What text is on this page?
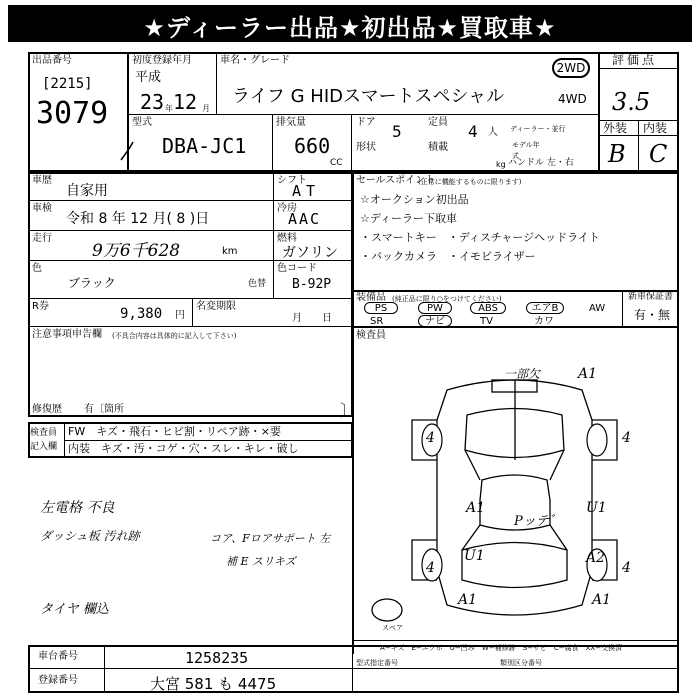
★ディーラー出品★初出品★買取車★
出品番号
[2215]
3079
初度登録年月
平成
23 12
年	月
車名・グレード
ライフ G HIDスマートスペシャル
2WD
4WD
評価点
3.5
外装 内装
B C
型式
DBA-JC1
排気量
660
CC
ドア 5	定員 4 人 ディーラー・並行
形状	積載	モデル年式
kg ハンドル 左・右
車歴
自家用
車検
令和 8 年 12 月( 8 )日
走行
9万6千628	km
色
ブラック	色替
シフト
AT
冷房
AAC
燃料
ガソリン
色コード
B-92P
R券	9,380 円
名変期限
月　　日
注意事項申告欄 (不具合内容は具体的に記入して下さい)
修復歴 有〔箇所	〕
セールスポイント
(正常に機能するものに限ります)
☆オークション初出品
☆ディーラー下取車
・スマートキー　・ディスチャージヘッドライト
・バックカメラ　・イモビライザー
装備品 (純正品に限り○をつけてください)	新車保証書
有・無
PS	PW	ABS	エアB	AW
SR	ナビ	TV	カワ
検査員
検査員記入欄
FW　キズ・飛石・ヒビ割・リペア跡・×要
内装　キズ・汚・コゲ・穴・スレ・キレ・破し
左電格 不良
ダッシュ板 汚れ跡	コア、Fロアサポート 左
補 E スリキズ
タイヤ 欄込
スペア
一部欠	A1
A1
A1
U1
U1	A2
A1
4	4
4	4
Pッテ゛
A−キズ　E−エクボ　U−凹み　W−補修跡　S−サビ　C−腐食　XX−交換済
車台番号	1258235
登録番号	大宮 581 も 4475
型式指定番号	類別区分番号
